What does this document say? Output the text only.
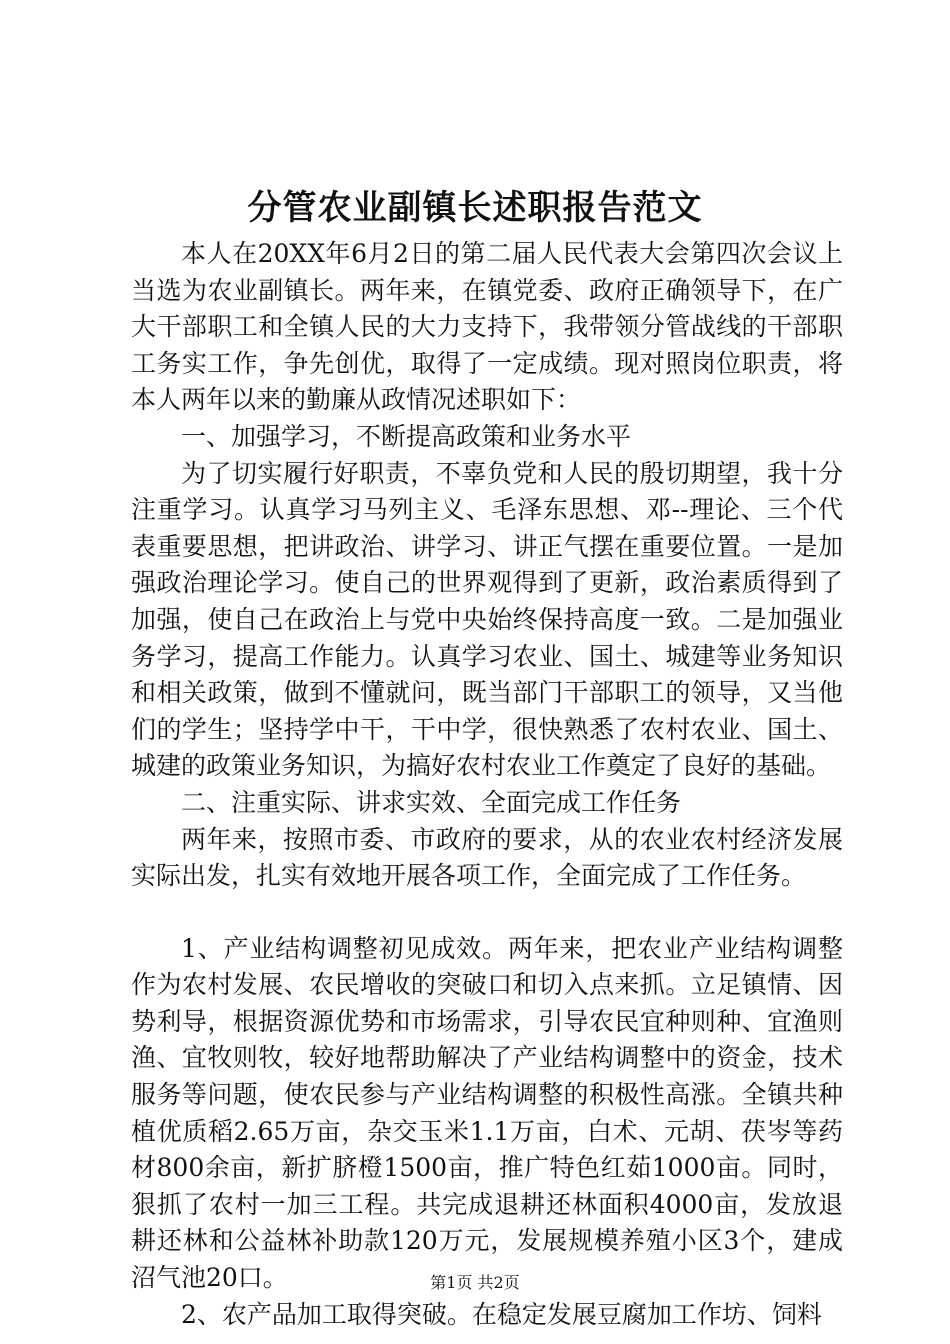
分管农业副镇长述职报告范文

本人在20XX年6月2日的第二届人民代表大会第四次会议上当选为农业副镇长。两年来，在镇党委、政府正确领导下，在广大干部职工和全镇人民的大力支持下，我带领分管战线的干部职工务实工作，争先创优，取得了一定成绩。现对照岗位职责，将本人两年以来的勤廉从政情况述职如下：

一、加强学习，不断提高政策和业务水平

为了切实履行好职责，不辜负党和人民的殷切期望，我十分注重学习。认真学习马列主义、毛泽东思想、邓--理论、三个代表重要思想，把讲政治、讲学习、讲正气摆在重要位置。一是加强政治理论学习。使自己的世界观得到了更新，政治素质得到了加强，使自己在政治上与党中央始终保持高度一致。二是加强业务学习，提高工作能力。认真学习农业、国土、城建等业务知识和相关政策，做到不懂就问，既当部门干部职工的领导，又当他们的学生；坚持学中干，干中学，很快熟悉了农村农业、国土、城建的政策业务知识，为搞好农村农业工作奠定了良好的基础。

二、注重实际、讲求实效、全面完成工作任务

两年来，按照市委、市政府的要求，从的农业农村经济发展实际出发，扎实有效地开展各项工作，全面完成了工作任务。

1、产业结构调整初见成效。两年来，把农业产业结构调整作为农村发展、农民增收的突破口和切入点来抓。立足镇情、因势利导，根据资源优势和市场需求，引导农民宜种则种、宜渔则渔、宜牧则牧，较好地帮助解决了产业结构调整中的资金，技术服务等问题，使农民参与产业结构调整的积极性高涨。全镇共种植优质稻2.65万亩，杂交玉米1.1万亩，白术、元胡、茯岑等药材800余亩，新扩脐橙1500亩，推广特色红茹1000亩。同时，狠抓了农村一加三工程。共完成退耕还林面积4000亩，发放退耕还林和公益林补助款120万元，发展规模养殖小区3个，建成沼气池20口。

2、农产品加工取得突破。在稳定发展豆腐加工作坊、饲料

第1页 共2页
